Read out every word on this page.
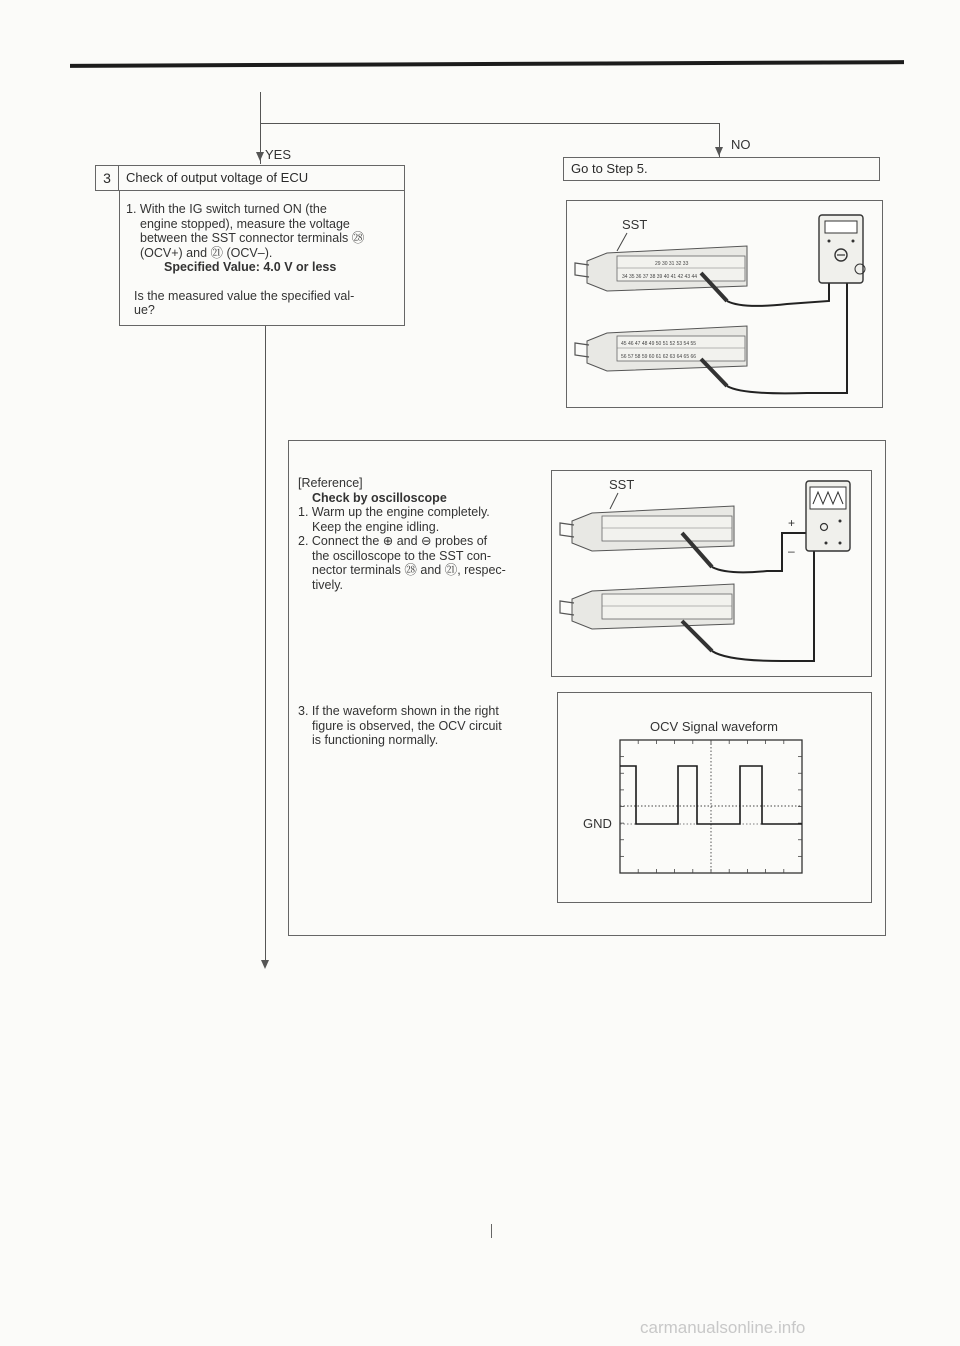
YES
NO
3	Check of output voltage of ECU
1. With the IG switch turned ON (the
engine stopped), measure the voltage
between the SST connector terminals ㉘
(OCV+) and ㉑ (OCV–).
Specified Value: 4.0 V or less
Is the measured value the specified val-
ue?
Go to Step 5.
SST
29 30 31 32 33
34 35 36 37 38 39 40 41 42 43 44
45 46 47 48 49 50 51 52 53 54 55
56 57 58 59 60 61 62 63 64 65 66
[Reference]
Check by oscilloscope
1. Warm up the engine completely.
Keep the engine idling.
2. Connect the ⊕ and ⊖ probes of
the oscilloscope to the SST con-
nector terminals ㉘ and ㉑, respec-
tively.
3. If the waveform shown in the right
figure is observed, the OCV circuit
is functioning normally.
SST
+
–
OCV Signal waveform
GND
carmanualsonline.info
